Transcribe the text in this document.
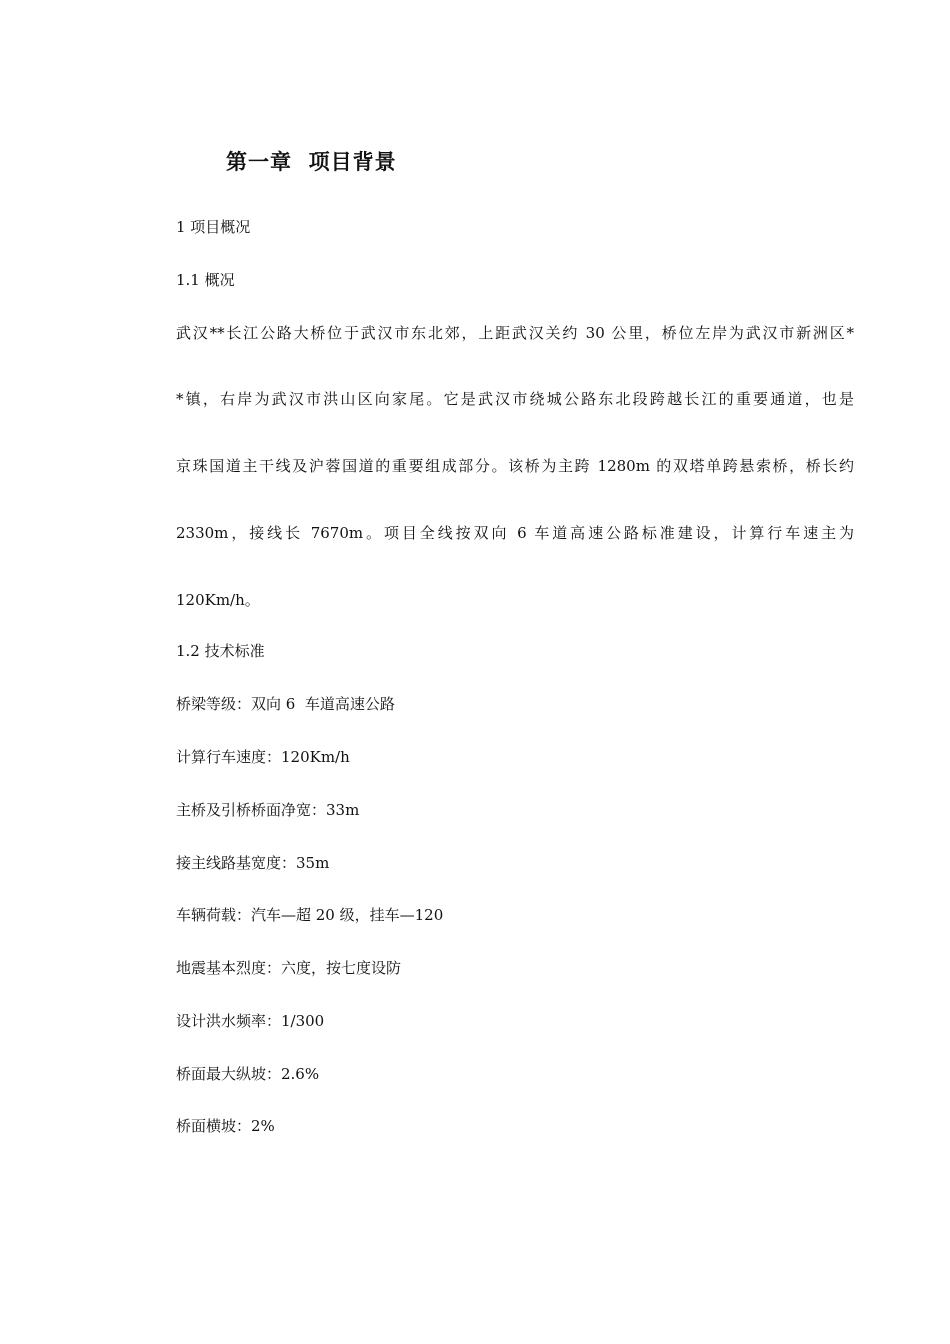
第一章  项目背景
1 项目概况
1.1 概况
武汉**长江公路大桥位于武汉市东北郊，上距武汉关约 30 公里，桥位左岸为武汉市新洲区*
*镇，右岸为武汉市洪山区向家尾。它是武汉市绕城公路东北段跨越长江的重要通道，也是
京珠国道主干线及沪蓉国道的重要组成部分。该桥为主跨 1280m 的双塔单跨悬索桥，桥长约
2330m，接线长 7670m。项目全线按双向 6 车道高速公路标准建设，计算行车速主为
120Km/h。
1.2 技术标准
桥梁等级：双向 6  车道高速公路
计算行车速度：120Km/h
主桥及引桥桥面净宽：33m
接主线路基宽度：35m
车辆荷载：汽车—超 20 级，挂车—120
地震基本烈度：六度，按七度设防
设计洪水频率：1/300
桥面最大纵坡：2.6%
桥面横坡：2%
